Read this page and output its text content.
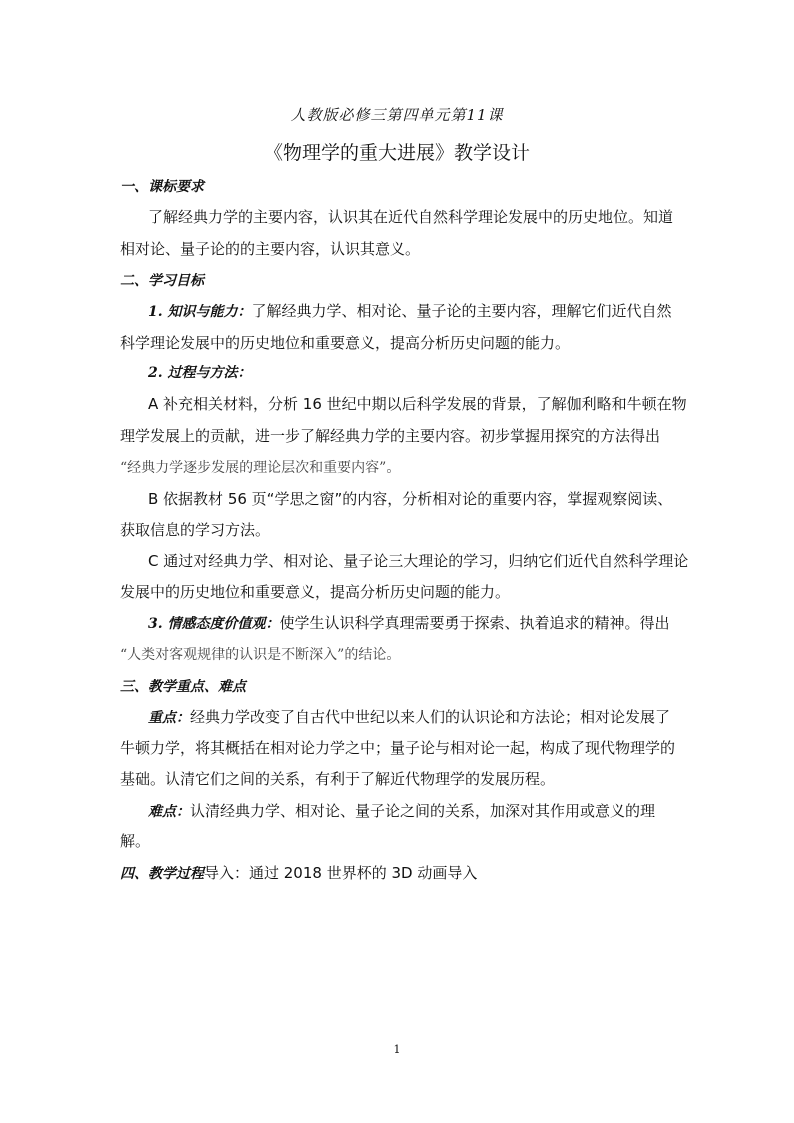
人教版必修三第四单元第11课
《物理学的重大进展》教学设计
一、课标要求
了解经典力学的主要内容，认识其在近代自然科学理论发展中的历史地位。知道
相对论、量子论的的主要内容，认识其意义。
二、学习目标
1. 知识与能力：了解经典力学、相对论、量子论的主要内容，理解它们近代自然
科学理论发展中的历史地位和重要意义，提高分析历史问题的能力。
2. 过程与方法：
A 补充相关材料，分析 16 世纪中期以后科学发展的背景，了解伽利略和牛顿在物
理学发展上的贡献，进一步了解经典力学的主要内容。初步掌握用探究的方法得出
“经典力学逐步发展的理论层次和重要内容”。
B 依据教材 56 页“学思之窗”的内容，分析相对论的重要内容，掌握观察阅读、
获取信息的学习方法。
C 通过对经典力学、相对论、量子论三大理论的学习，归纳它们近代自然科学理论
发展中的历史地位和重要意义，提高分析历史问题的能力。
3. 情感态度价值观：使学生认识科学真理需要勇于探索、执着追求的精神。得出
“人类对客观规律的认识是不断深入”的结论。
三、教学重点、难点
重点：经典力学改变了自古代中世纪以来人们的认识论和方法论；相对论发展了
牛顿力学，将其概括在相对论力学之中；量子论与相对论一起，构成了现代物理学的
基础。认清它们之间的关系，有利于了解近代物理学的发展历程。
难点：认清经典力学、相对论、量子论之间的关系，加深对其作用或意义的理
解。
四、教学过程导入：通过 2018 世界杯的 3D 动画导入
1
